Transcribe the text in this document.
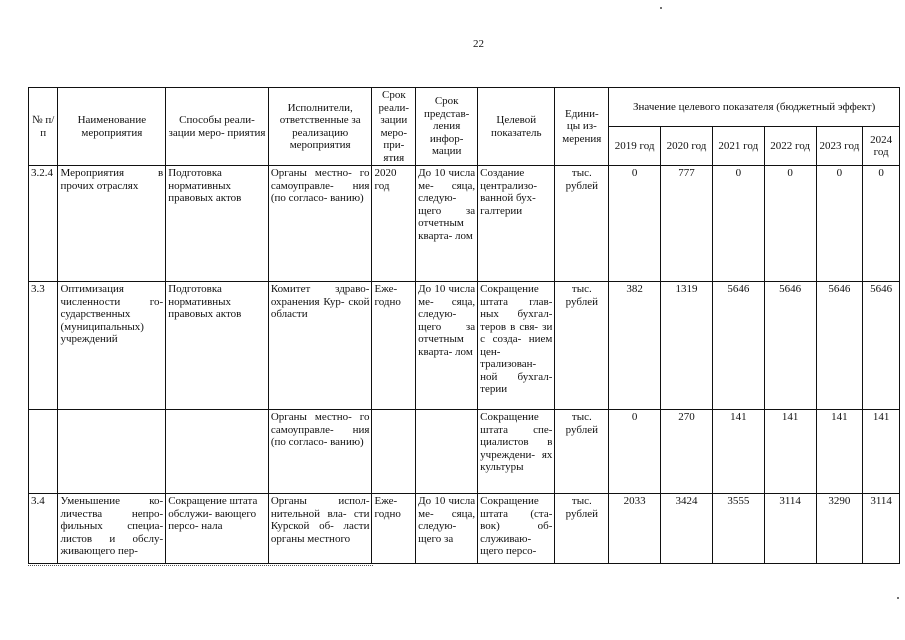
22
№ п/п	Наименование мероприятия	Способы реали- зации меро- приятия	Исполнители, ответственные за реализацию мероприятия	Срок реали- зации меро- при- ятия	Срок представ- ления инфор- мации	Целевой показатель	Едини- цы из- мерения	Значение целевого показателя (бюджетный эффект)					
								2019 год	2020 год	2021 год	2022 год	2023 год	2024 год
3.2.4	Мероприятия в прочих отраслях	Подготовка нормативных правовых актов	Органы местно- го самоуправле- ния (по согласо- ванию)	2020 год	До 10 числа ме- сяца, следую- щего за отчетным кварта- лом	Создание централизо- ванной бух- галтерии	тыс. рублей	0	777	0	0	0	0
3.3	Оптимизация численности го- сударственных (муниципальных) учреждений	Подготовка нормативных правовых актов	Комитет здраво- охранения Кур- ской области	Еже- годно	До 10 числа ме- сяца, следую- щего за отчетным кварта- лом	Сокращение штата глав- ных бухгал- теров в свя- зи с созда- нием цен- трализован- ной бухгал- терии	тыс. рублей	382	1319	5646	5646	5646	5646
			Органы местно- го самоуправле- ния (по согласо- ванию)			Сокращение штата спе- циалистов в учреждени- ях культуры	тыс. рублей	0	270	141	141	141	141
3.4	Уменьшение ко- личества непро- фильных специа- листов и обслу- живающего пер-	Сокращение штата обслужи- вающего персо- нала	Органы испол- нительной вла- сти Курской об- ласти органы местного	Еже- годно	До 10 числа ме- сяца, следую- щего за	Сокращение штата (ста- вок) об- служиваю- щего персо-	тыс. рублей	2033	3424	3555	3114	3290	3114
